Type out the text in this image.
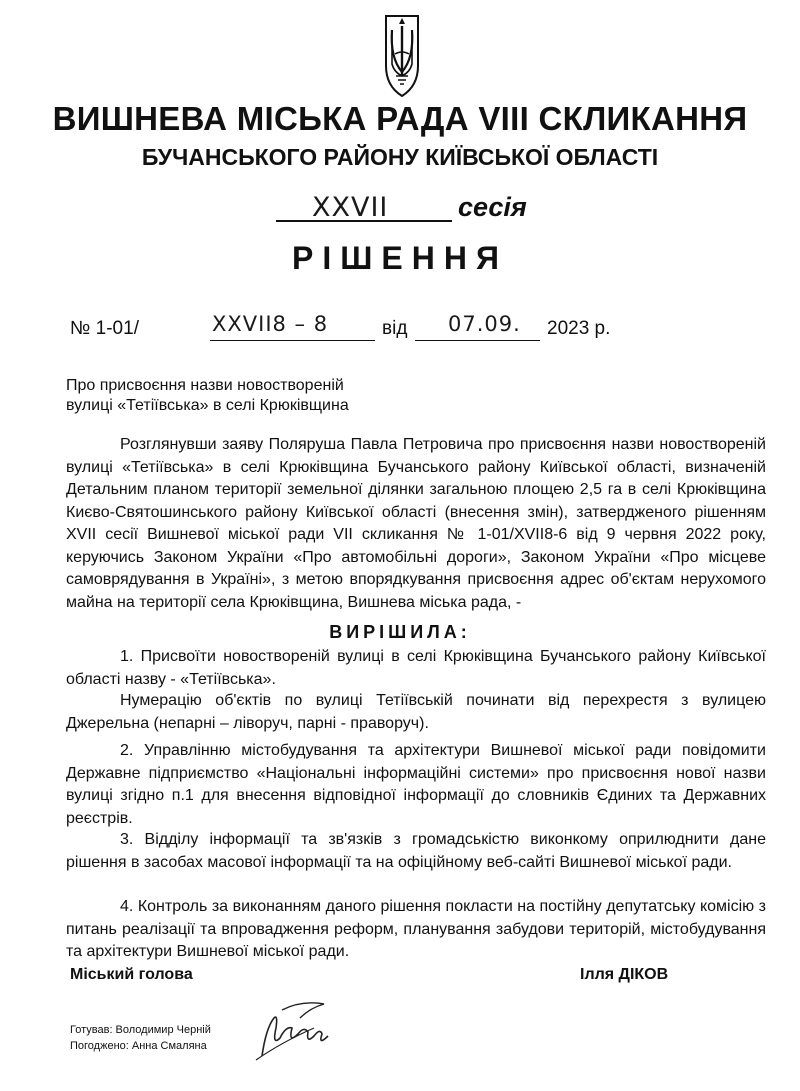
ВИШНЕВА МІСЬКА РАДА VIII СКЛИКАННЯ
БУЧАНСЬКОГО РАЙОНУ КИЇВСЬКОЇ ОБЛАСТІ
XXVII	сесія
РІШЕННЯ
№ 1-01/	XXVII8 – 8	від 07.09. 2023 р.
Про присвоєння назви новоствореній
вулиці «Тетіївська» в селі Крюківщина
Розглянувши заяву Поляруша Павла Петровича про присвоєння назви новоствореній вулиці «Тетіївська» в селі Крюківщина Бучанського району Київської області, визначеній Детальним планом території земельної ділянки загальною площею 2,5 га в селі Крюківщина Києво-Святошинського району Київської області (внесення змін), затвердженого рішенням XVII сесії Вишневої міської ради VII скликання № 1-01/XVII8-6 від 9 червня 2022 року, керуючись Законом України «Про автомобільні дороги», Законом України «Про місцеве самоврядування в Україні», з метою впорядкування присвоєння адрес об'єктам нерухомого майна на території села Крюківщина, Вишнева міська рада, -
ВИРІШИЛА:
1. Присвоїти новоствореній вулиці в селі Крюківщина Бучанського району Київської області назву - «Тетіївська».
Нумерацію об'єктів по вулиці Тетіївській починати від перехрестя з вулицею Джерельна (непарні – ліворуч, парні - праворуч).
2. Управлінню містобудування та архітектури Вишневої міської ради повідомити Державне підприємство «Національні інформаційні системи» про присвоєння нової назви вулиці згідно п.1 для внесення відповідної інформації до словників Єдиних та Державних реєстрів.
3. Відділу інформації та зв'язків з громадськістю виконкому оприлюднити дане рішення в засобах масової інформації та на офіційному веб-сайті Вишневої міської ради.
4. Контроль за виконанням даного рішення покласти на постійну депутатську комісію з питань реалізації та впровадження реформ, планування забудови територій, містобудування та архітектури Вишневої міської ради.
Міський голова	Ілля ДІКОВ
Готував: Володимир Черній
Погоджено: Анна Смаляна
